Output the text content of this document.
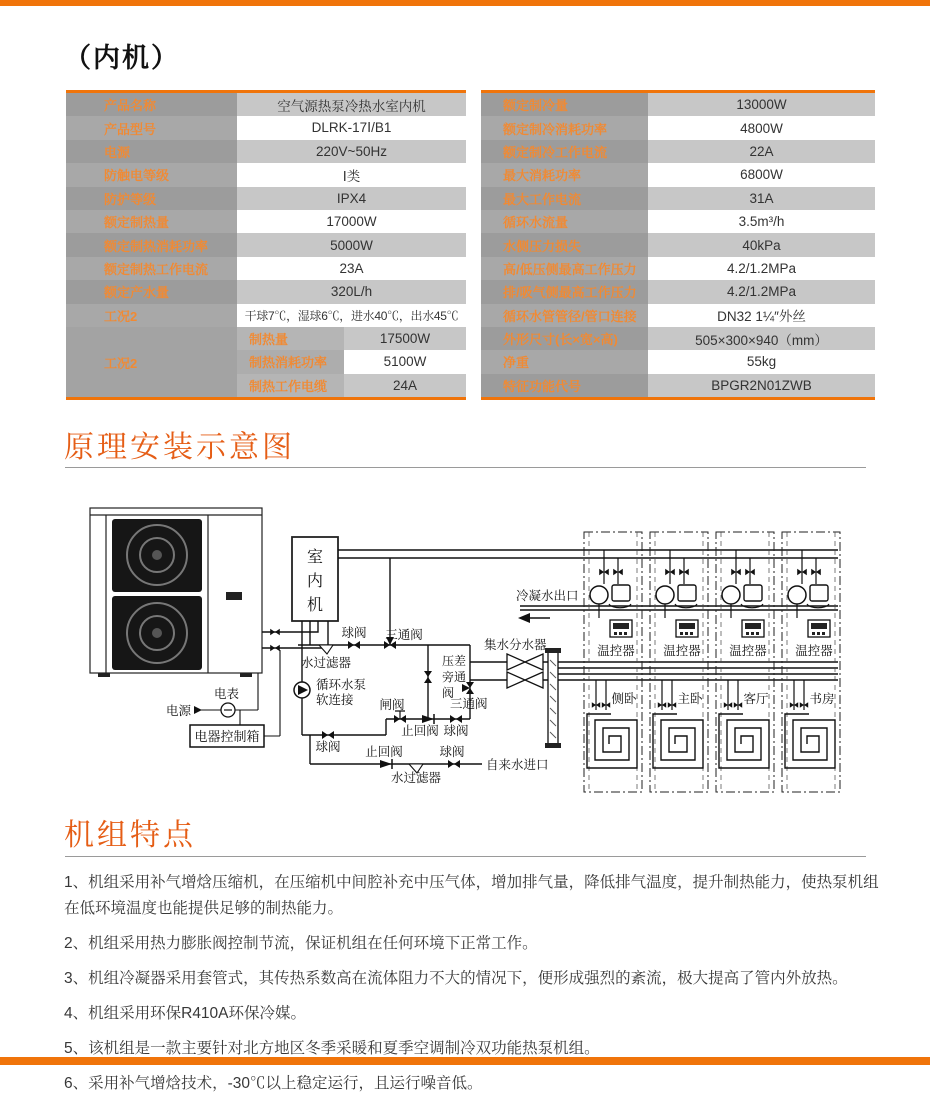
（内机）
产品名称	空气源热泵冷热水室内机
产品型号	DLRK-17Ⅰ/B1
电源	220V~50Hz
防触电等级	Ⅰ类
防护等级	IPX4
额定制热量	17000W
额定制热消耗功率	5000W
额定制热工作电流	23A
额定产水量	320L/h
工况2	干球7℃，湿球6℃，进水40℃，出水45℃
工况2
制热量	17500W
制热消耗功率	5100W
制热工作电缆	24A
额定制冷量	13000W
额定制冷消耗功率	4800W
额定制冷工作电流	22A
最大消耗功率	6800W
最大工作电流	31A
循环水流量	3.5m³/h
水侧压力损失	40kPa
高/低压侧最高工作压力	4.2/1.2MPa
排/吸气侧最高工作压力	4.2/1.2MPa
循环水管管径/管口连接	DN32 1¼″外丝
外形尺寸(长×宽×高)	505×300×940（mm）
净重	55kg
特征功能代号	BPGR2N01ZWB
原理安装示意图
室
内
机
球阀
水过滤器
三通阀
循环水泵
软连接
球阀
闸阀
止回阀 球阀
压差
旁通
阀
三通阀
止回阀
水过滤器
球阀
自来水进口
冷凝水出口
集水分水器
电表
电源
电器控制箱
温控器
侧卧
温控器
主卧
温控器
客厅
温控器
书房
机组特点

1、机组采用补气增焓压缩机，在压缩机中间腔补充中压气体，增加排气量，降低排气温度，提升制热能力，使热泵机组在低环境温度也能提供足够的制热能力。

2、机组采用热力膨胀阀控制节流，保证机组在任何环境下正常工作。

3、机组冷凝器采用套管式，其传热系数高在流体阻力不大的情况下，便形成强烈的紊流，极大提高了管内外放热。

4、机组采用环保R410A环保冷媒。

5、该机组是一款主要针对北方地区冬季采暖和夏季空调制冷双功能热泵机组。

6、采用补气增焓技术，-30℃以上稳定运行，且运行噪音低。
